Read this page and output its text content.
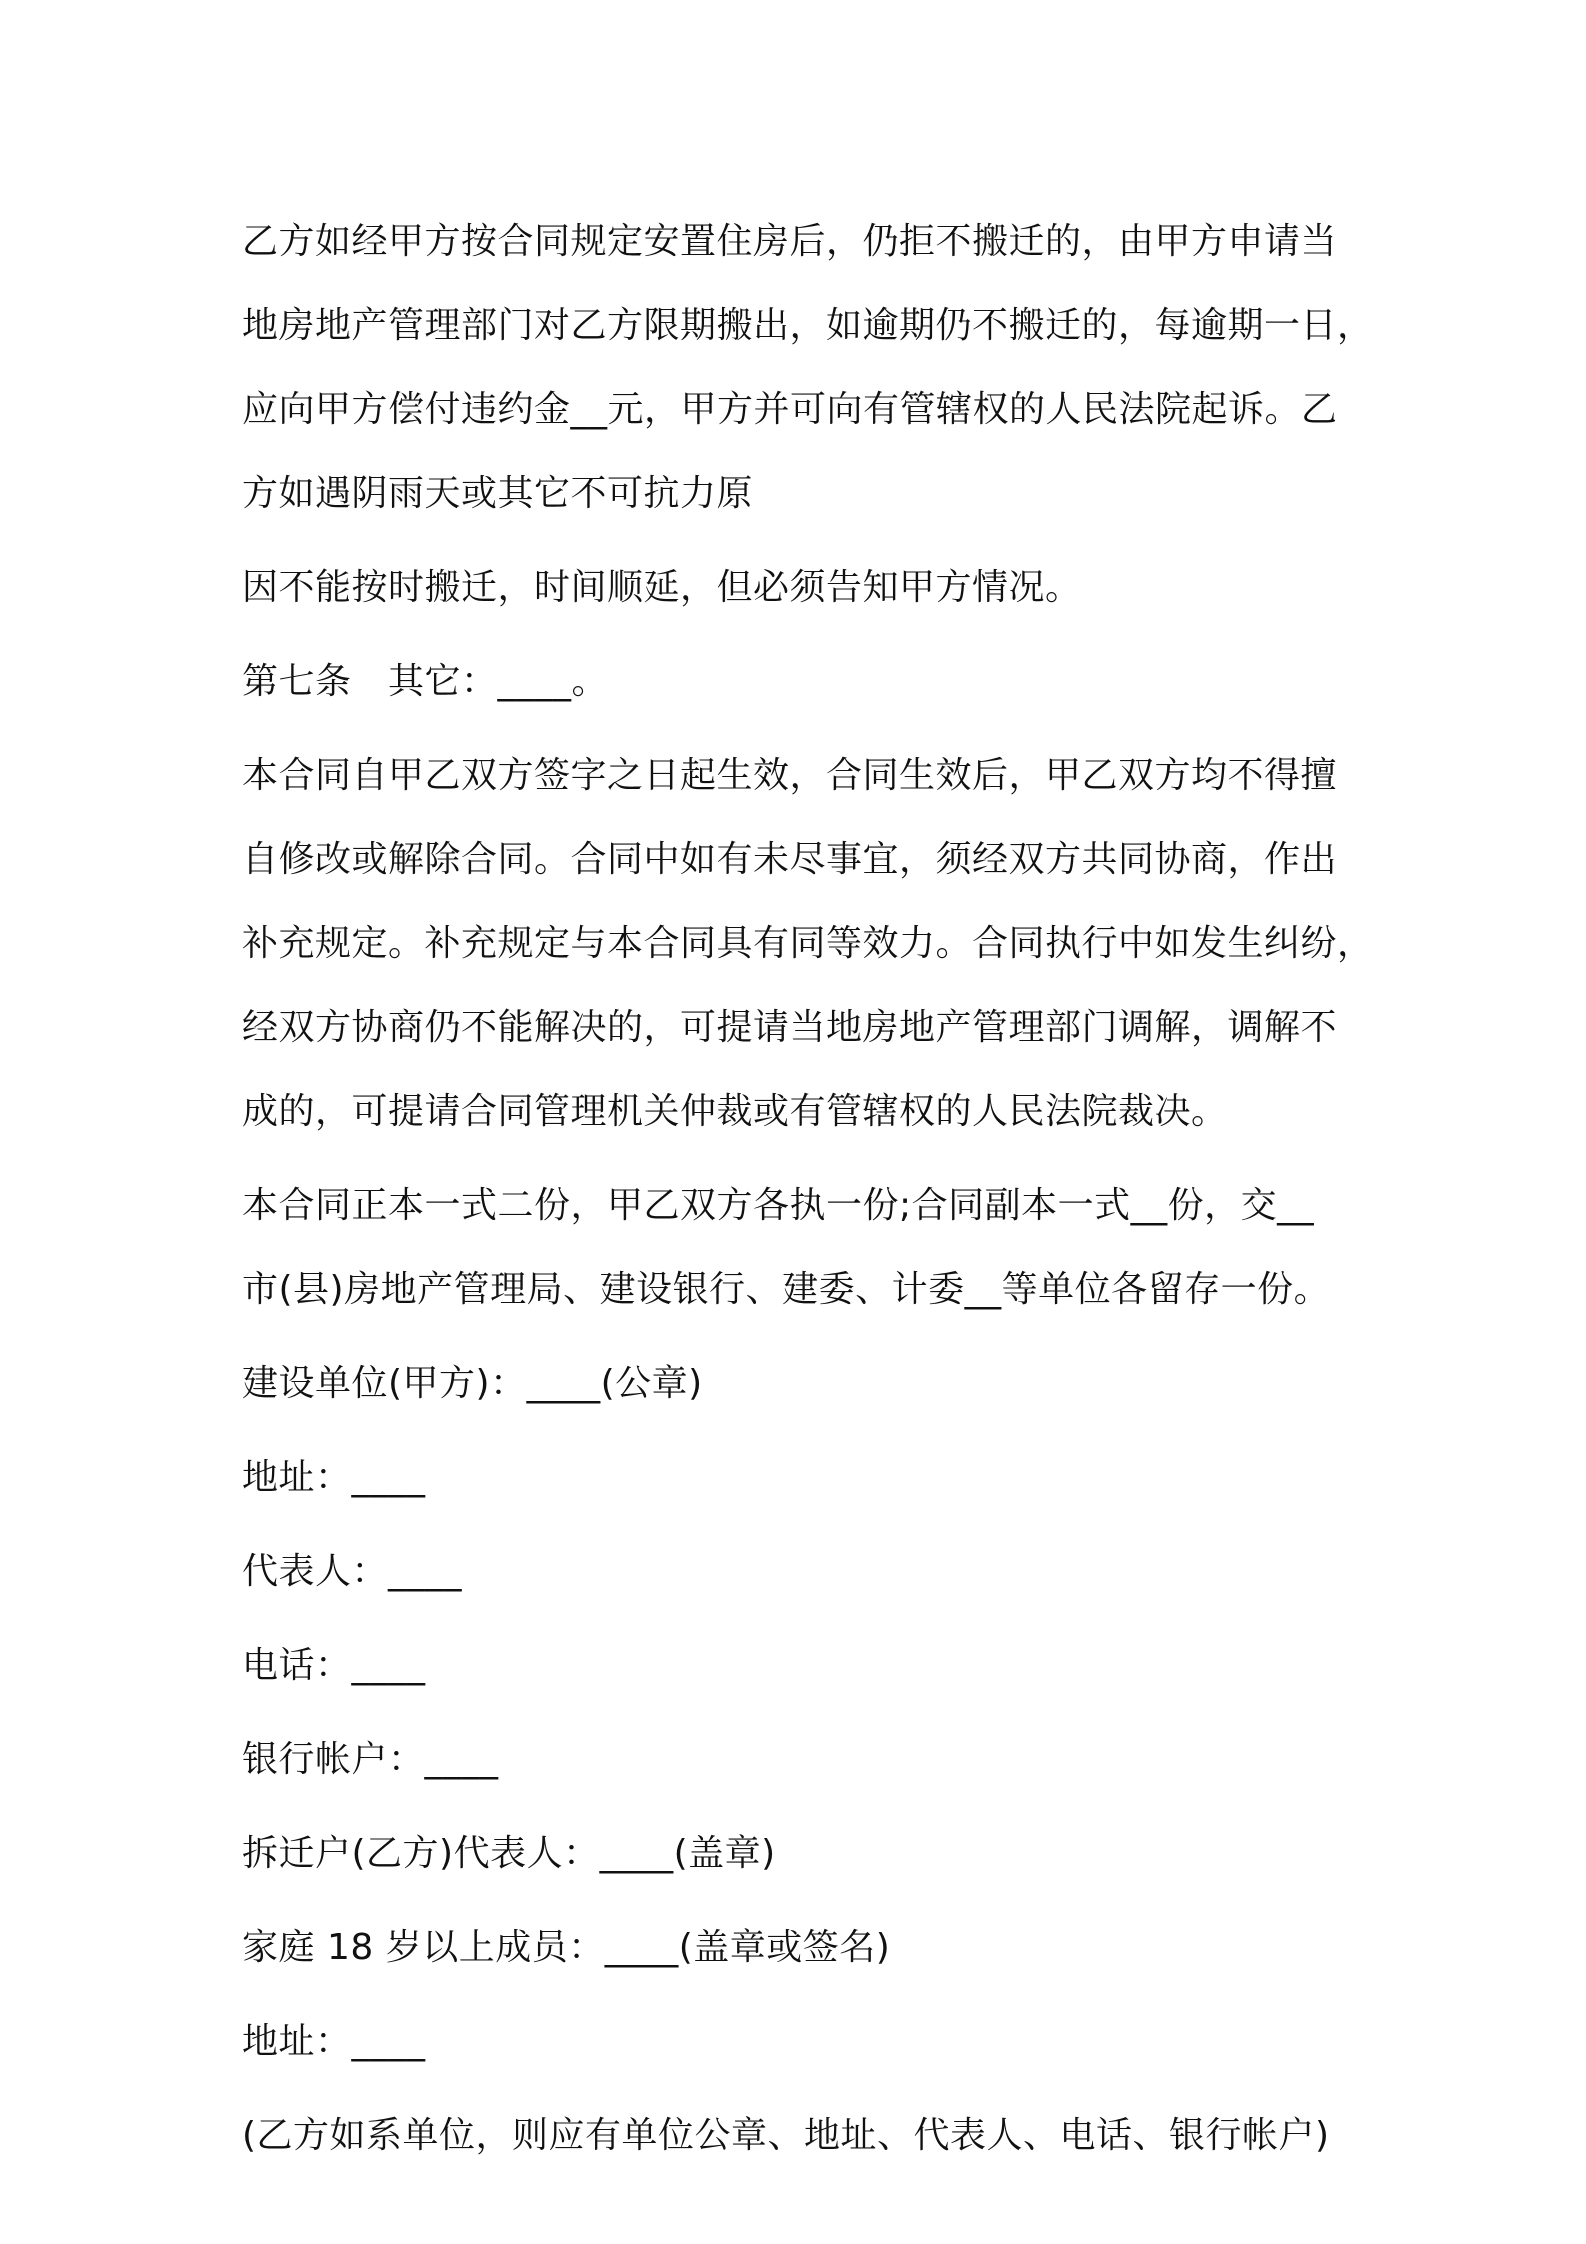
乙方如经甲方按合同规定安置住房后，仍拒不搬迁的，由甲方申请当
地房地产管理部门对乙方限期搬出，如逾期仍不搬迁的，每逾期一日，
应向甲方偿付违约金__元，甲方并可向有管辖权的人民法院起诉。乙
方如遇阴雨天或其它不可抗力原
因不能按时搬迁，时间顺延，但必须告知甲方情况。
第七条　其它：____。
本合同自甲乙双方签字之日起生效，合同生效后，甲乙双方均不得擅
自修改或解除合同。合同中如有未尽事宜，须经双方共同协商，作出
补充规定。补充规定与本合同具有同等效力。合同执行中如发生纠纷，
经双方协商仍不能解决的，可提请当地房地产管理部门调解，调解不
成的，可提请合同管理机关仲裁或有管辖权的人民法院裁决。
本合同正本一式二份，甲乙双方各执一份;合同副本一式__份，交__
市(县)房地产管理局、建设银行、建委、计委__等单位各留存一份。
建设单位(甲方)：____(公章)
地址：____
代表人：____
电话：____
银行帐户：____
拆迁户(乙方)代表人：____(盖章)
家庭 18 岁以上成员：____(盖章或签名)
地址：____
(乙方如系单位，则应有单位公章、地址、代表人、电话、银行帐户)
